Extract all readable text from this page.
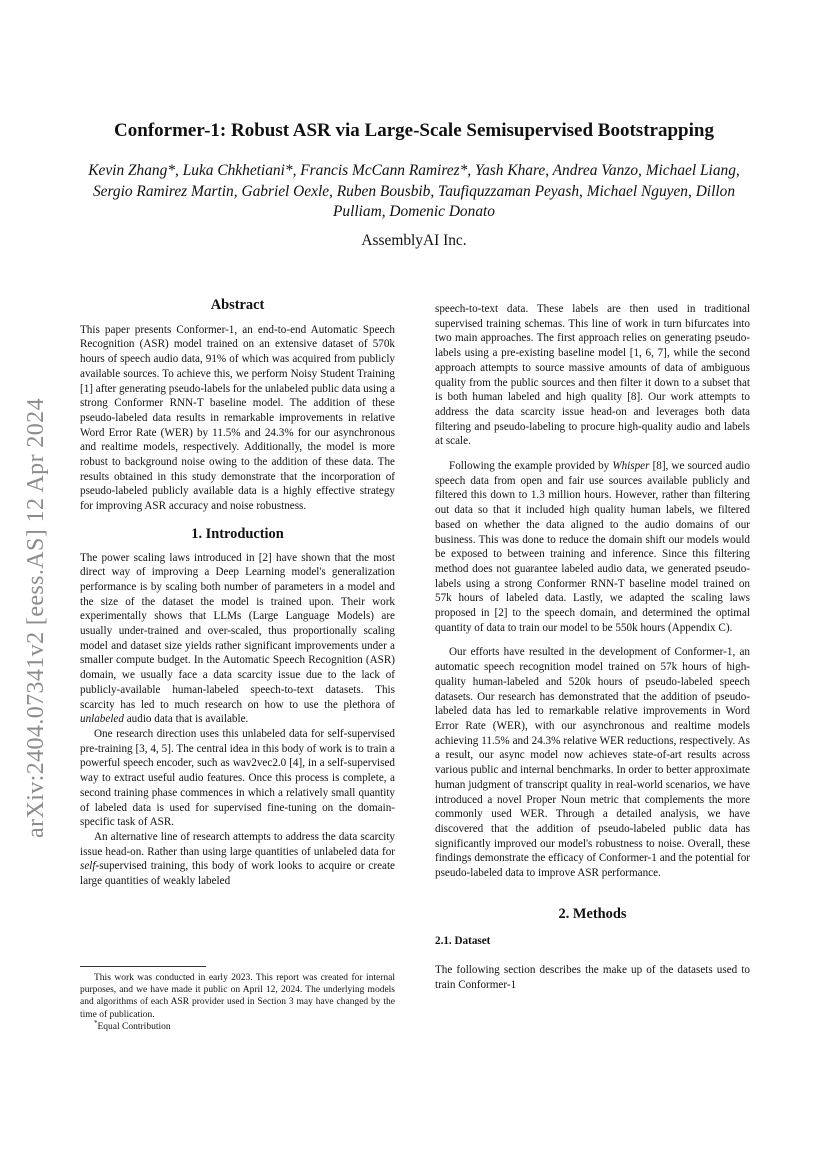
arXiv:2404.07341v2 [eess.AS] 12 Apr 2024
Conformer-1: Robust ASR via Large-Scale Semisupervised Bootstrapping
Kevin Zhang*, Luka Chkhetiani*, Francis McCann Ramirez*, Yash Khare, Andrea Vanzo, Michael Liang, Sergio Ramirez Martin, Gabriel Oexle, Ruben Bousbib, Taufiquzzaman Peyash, Michael Nguyen, Dillon Pulliam, Domenic Donato
AssemblyAI Inc.

Abstract

This paper presents Conformer-1, an end-to-end Automatic Speech Recognition (ASR) model trained on an extensive dataset of 570k hours of speech audio data, 91% of which was acquired from publicly available sources. To achieve this, we perform Noisy Student Training [1] after generating pseudo-labels for the unlabeled public data using a strong Conformer RNN-T baseline model. The addition of these pseudo-labeled data results in remarkable improvements in relative Word Error Rate (WER) by 11.5% and 24.3% for our asynchronous and realtime models, respectively. Additionally, the model is more robust to background noise owing to the addition of these data. The results obtained in this study demonstrate that the incorporation of pseudo-labeled publicly available data is a highly effective strategy for improving ASR accuracy and noise robustness.

1. Introduction

The power scaling laws introduced in [2] have shown that the most direct way of improving a Deep Learning model's generalization performance is by scaling both number of parameters in a model and the size of the dataset the model is trained upon. Their work experimentally shows that LLMs (Large Language Models) are usually under-trained and over-scaled, thus proportionally scaling model and dataset size yields rather significant improvements under a smaller compute budget. In the Automatic Speech Recognition (ASR) domain, we usually face a data scarcity issue due to the lack of publicly-available human-labeled speech-to-text datasets. This scarcity has led to much research on how to use the plethora of unlabeled audio data that is available.

One research direction uses this unlabeled data for self-supervised pre-training [3, 4, 5]. The central idea in this body of work is to train a powerful speech encoder, such as wav2vec2.0 [4], in a self-supervised way to extract useful audio features. Once this process is complete, a second training phase commences in which a relatively small quantity of labeled data is used for supervised fine-tuning on the domain-specific task of ASR.

An alternative line of research attempts to address the data scarcity issue head-on. Rather than using large quantities of unlabeled data for self-supervised training, this body of work looks to acquire or create large quantities of weakly labeled

This work was conducted in early 2023. This report was created for internal purposes, and we have made it public on April 12, 2024. The underlying models and algorithms of each ASR provider used in Section 3 may have changed by the time of publication.

*Equal Contribution

speech-to-text data. These labels are then used in traditional supervised training schemas. This line of work in turn bifurcates into two main approaches. The first approach relies on generating pseudo-labels using a pre-existing baseline model [1, 6, 7], while the second approach attempts to source massive amounts of data of ambiguous quality from the public sources and then filter it down to a subset that is both human labeled and high quality [8]. Our work attempts to address the data scarcity issue head-on and leverages both data filtering and pseudo-labeling to procure high-quality audio and labels at scale.

Following the example provided by Whisper [8], we sourced audio speech data from open and fair use sources available publicly and filtered this down to 1.3 million hours. However, rather than filtering out data so that it included high quality human labels, we filtered based on whether the data aligned to the audio domains of our business. This was done to reduce the domain shift our models would be exposed to between training and inference. Since this filtering method does not guarantee labeled audio data, we generated pseudo-labels using a strong Conformer RNN-T baseline model trained on 57k hours of labeled data. Lastly, we adapted the scaling laws proposed in [2] to the speech domain, and determined the optimal quantity of data to train our model to be 550k hours (Appendix C).

Our efforts have resulted in the development of Conformer-1, an automatic speech recognition model trained on 57k hours of high-quality human-labeled and 520k hours of pseudo-labeled speech datasets. Our research has demonstrated that the addition of pseudo-labeled data has led to remarkable relative improvements in Word Error Rate (WER), with our asynchronous and realtime models achieving 11.5% and 24.3% relative WER reductions, respectively. As a result, our async model now achieves state-of-art results across various public and internal benchmarks. In order to better approximate human judgment of transcript quality in real-world scenarios, we have introduced a novel Proper Noun metric that complements the more commonly used WER. Through a detailed analysis, we have discovered that the addition of pseudo-labeled public data has significantly improved our model's robustness to noise. Overall, these findings demonstrate the efficacy of Conformer-1 and the potential for pseudo-labeled data to improve ASR performance.

2. Methods

2.1. Dataset

The following section describes the make up of the datasets used to train Conformer-1
